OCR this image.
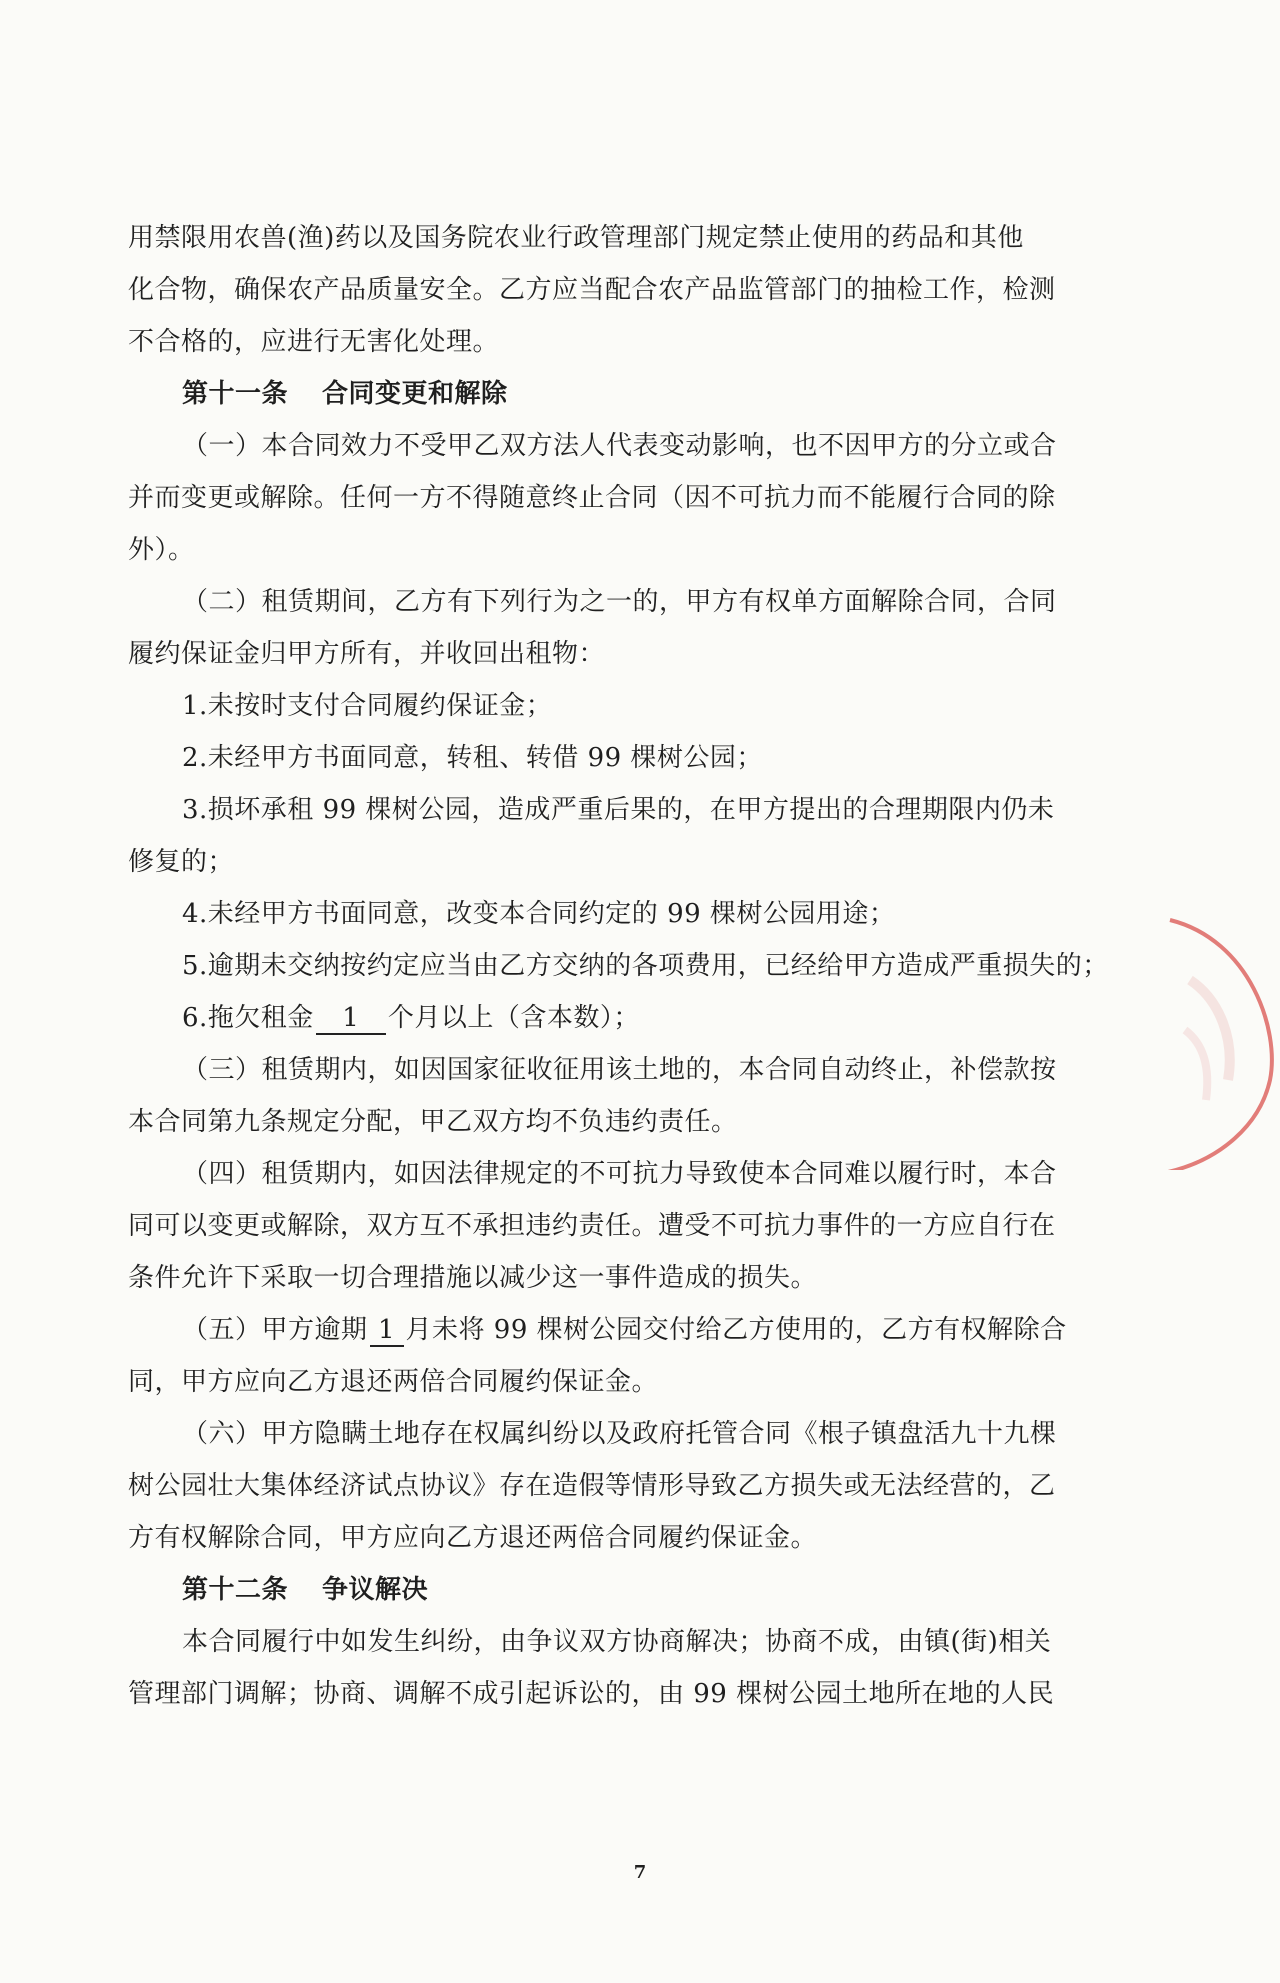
用禁限用农兽(渔)药以及国务院农业行政管理部门规定禁止使用的药品和其他

化合物，确保农产品质量安全。乙方应当配合农产品监管部门的抽检工作，检测

不合格的，应进行无害化处理。

第十一条 合同变更和解除

（一）本合同效力不受甲乙双方法人代表变动影响，也不因甲方的分立或合

并而变更或解除。任何一方不得随意终止合同（因不可抗力而不能履行合同的除

外）。

（二）租赁期间，乙方有下列行为之一的，甲方有权单方面解除合同，合同

履约保证金归甲方所有，并收回出租物：

1.未按时支付合同履约保证金；

2.未经甲方书面同意，转租、转借 99 棵树公园；

3.损坏承租 99 棵树公园，造成严重后果的，在甲方提出的合理期限内仍未

修复的；

4.未经甲方书面同意，改变本合同约定的 99 棵树公园用途；

5.逾期未交纳按约定应当由乙方交纳的各项费用，已经给甲方造成严重损失的；

6.拖欠租金 1 个月以上（含本数）；

（三）租赁期内，如因国家征收征用该土地的，本合同自动终止，补偿款按

本合同第九条规定分配，甲乙双方均不负违约责任。

（四）租赁期内，如因法律规定的不可抗力导致使本合同难以履行时，本合

同可以变更或解除，双方互不承担违约责任。遭受不可抗力事件的一方应自行在

条件允许下采取一切合理措施以减少这一事件造成的损失。

（五）甲方逾期 1 月未将 99 棵树公园交付给乙方使用的，乙方有权解除合

同，甲方应向乙方退还两倍合同履约保证金。

（六）甲方隐瞒土地存在权属纠纷以及政府托管合同《根子镇盘活九十九棵

树公园壮大集体经济试点协议》存在造假等情形导致乙方损失或无法经营的，乙

方有权解除合同，甲方应向乙方退还两倍合同履约保证金。

第十二条 争议解决

本合同履行中如发生纠纷，由争议双方协商解决；协商不成，由镇(街)相关

管理部门调解；协商、调解不成引起诉讼的，由 99 棵树公园土地所在地的人民

7
